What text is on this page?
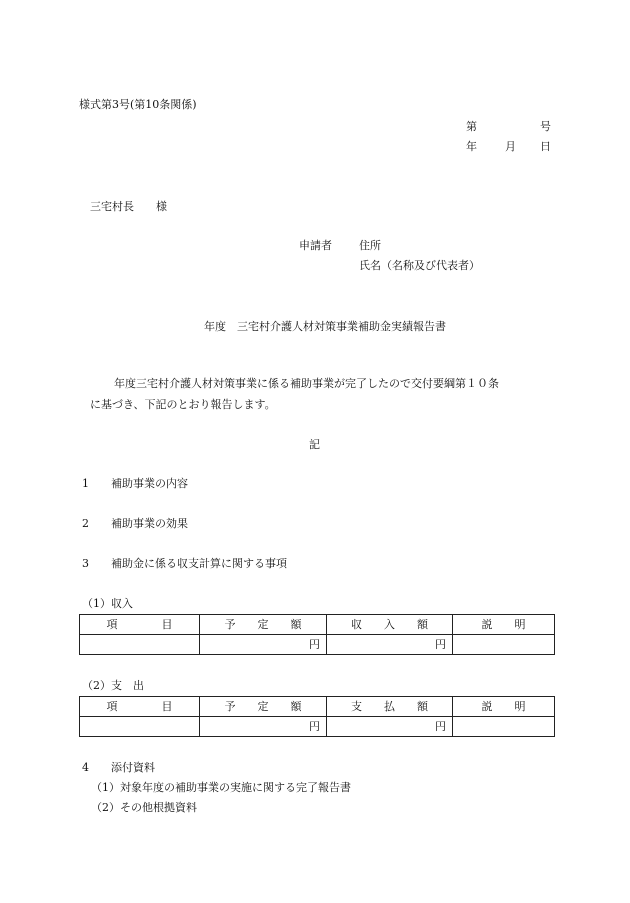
様式第3号(第10条関係)
第	号
年	月 日
三宅村長　　様
申請者 住所
氏名（名称及び代表者）
年度　三宅村介護人材対策事業補助金実績報告書
年度三宅村介護人材対策事業に係る補助事業が完了したので交付要綱第１０条
に基づき、下記のとおり報告します。
記
1　　補助事業の内容
2　　補助事業の効果
3　　補助金に係る収支計算に関する事項
（1）収入
項　　　　目	予　　定　　額	収　　入　　額	説　　明
	円	円	
（2）支　出
項　　　　目	予　　定　　額	支　　払　　額	説　　明
	円	円	
4　　添付資料
（1）対象年度の補助事業の実施に関する完了報告書
（2）その他根拠資料
